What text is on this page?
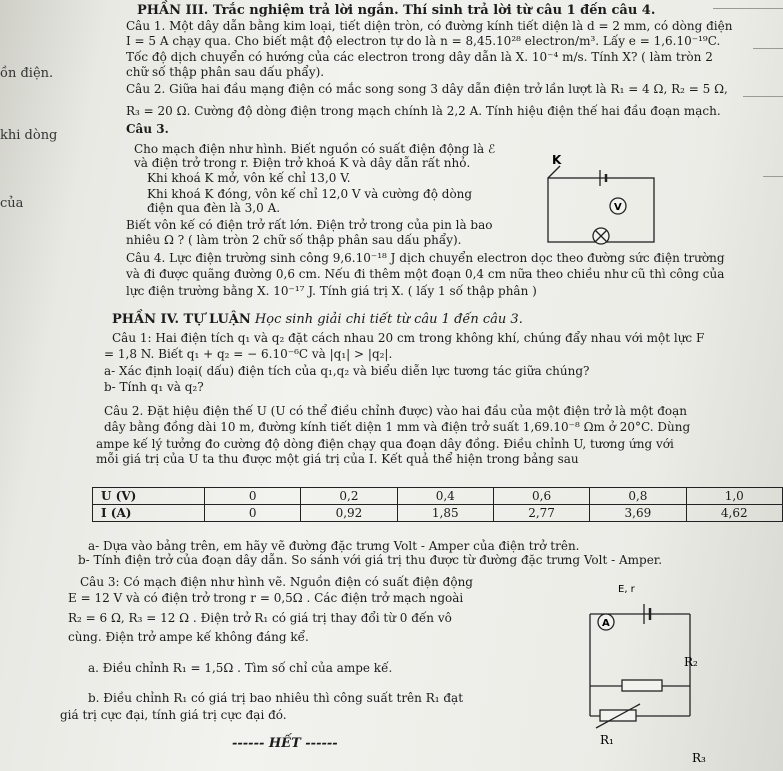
ồn điện.
khi dòng
của
PHẦN III. Trắc nghiệm trả lời ngắn. Thí sinh trả lời từ câu 1 đến câu 4.
Câu 1. Một dây dẫn bằng kim loại, tiết diện tròn, có đường kính tiết diện là d = 2 mm, có dòng điện
I = 5 A chạy qua. Cho biết mật độ electron tự do là n = 8,45.10²⁸ electron/m³. Lấy e = 1,6.10⁻¹⁹C.
Tốc độ dịch chuyển có hướng của các electron trong dây dẫn là X. 10⁻⁴ m/s. Tính X? ( làm tròn 2
chữ số thập phân sau dấu phẩy).
Câu 2. Giữa hai đầu mạng điện có mắc song song 3 dây dẫn điện trở lần lượt là R₁ = 4 Ω, R₂ = 5 Ω,
R₃ = 20 Ω. Cường độ dòng điện trong mạch chính là 2,2 A. Tính hiệu điện thế hai đầu đoạn mạch.
Câu 3.
Cho mạch điện như hình. Biết nguồn có suất điện động là ℰ
và điện trở trong r. Điện trở khoá K và dây dẫn rất nhỏ.
Khi khoá K mở, vôn kế chỉ 13,0 V.
Khi khoá K đóng, vôn kế chỉ 12,0 V và cường độ dòng
điện qua đèn là 3,0 A.
Biết vôn kế có điện trở rất lớn. Điện trở trong của pin là bao
nhiêu Ω ? ( làm tròn 2 chữ số thập phân sau dấu phẩy).
K
V
Câu 4. Lực điện trường sinh công 9,6.10⁻¹⁸ J dịch chuyển electron dọc theo đường sức điện trường
và đi được quãng đường 0,6 cm. Nếu đi thêm một đoạn 0,4 cm nữa theo chiều như cũ thì công của
lực điện trường bằng X. 10⁻¹⁷ J. Tính giá trị X. ( lấy 1 số thập phân )
PHẦN IV. TỰ LUẬN Học sinh giải chi tiết từ câu 1 đến câu 3.
Câu 1: Hai điện tích q₁ và q₂ đặt cách nhau 20 cm trong không khí, chúng đẩy nhau với một lực F
= 1,8 N. Biết q₁ + q₂ = − 6.10⁻⁶C và |q₁| > |q₂|.
a- Xác định loại( dấu) điện tích của q₁,q₂ và biểu diễn lực tương tác giữa chúng?
b- Tính q₁ và q₂?
Câu 2. Đặt hiệu điện thế U (U có thể điều chỉnh được) vào hai đầu của một điện trở là một đoạn
dây bằng đồng dài 10 m, đường kính tiết diện 1 mm và điện trở suất 1,69.10⁻⁸ Ωm ở 20°C. Dùng
ampe kế lý tưởng đo cường độ dòng điện chạy qua đoạn dây đồng. Điều chỉnh U, tương ứng với
mỗi giá trị của U ta thu được một giá trị của I. Kết quả thể hiện trong bảng sau
U (V)	0	0,2	0,4	0,6	0,8	1,0
I (A)	0	0,92	1,85	2,77	3,69	4,62
a- Dựa vào bảng trên, em hãy vẽ đường đặc trưng Volt - Amper của điện trở trên.
b- Tính điện trở của đoạn dây dẫn. So sánh với giá trị thu được từ đường đặc trưng Volt - Amper.
Câu 3: Có mạch điện như hình vẽ. Nguồn điện có suất điện động
E = 12 V và có điện trở trong r = 0,5Ω . Các điện trở mạch ngoài
R₂ = 6 Ω, R₃ = 12 Ω . Điện trở R₁ có giá trị thay đổi từ 0 đến vô
cùng. Điện trở ampe kế không đáng kể.
a. Điều chỉnh R₁ = 1,5Ω . Tìm số chỉ của ampe kế.
b. Điều chỉnh R₁ có giá trị bao nhiêu thì công suất trên R₁ đạt
giá trị cực đại, tính giá trị cực đại đó.
E, r
A
R₂
R₁
R₃
------ HẾT ------
